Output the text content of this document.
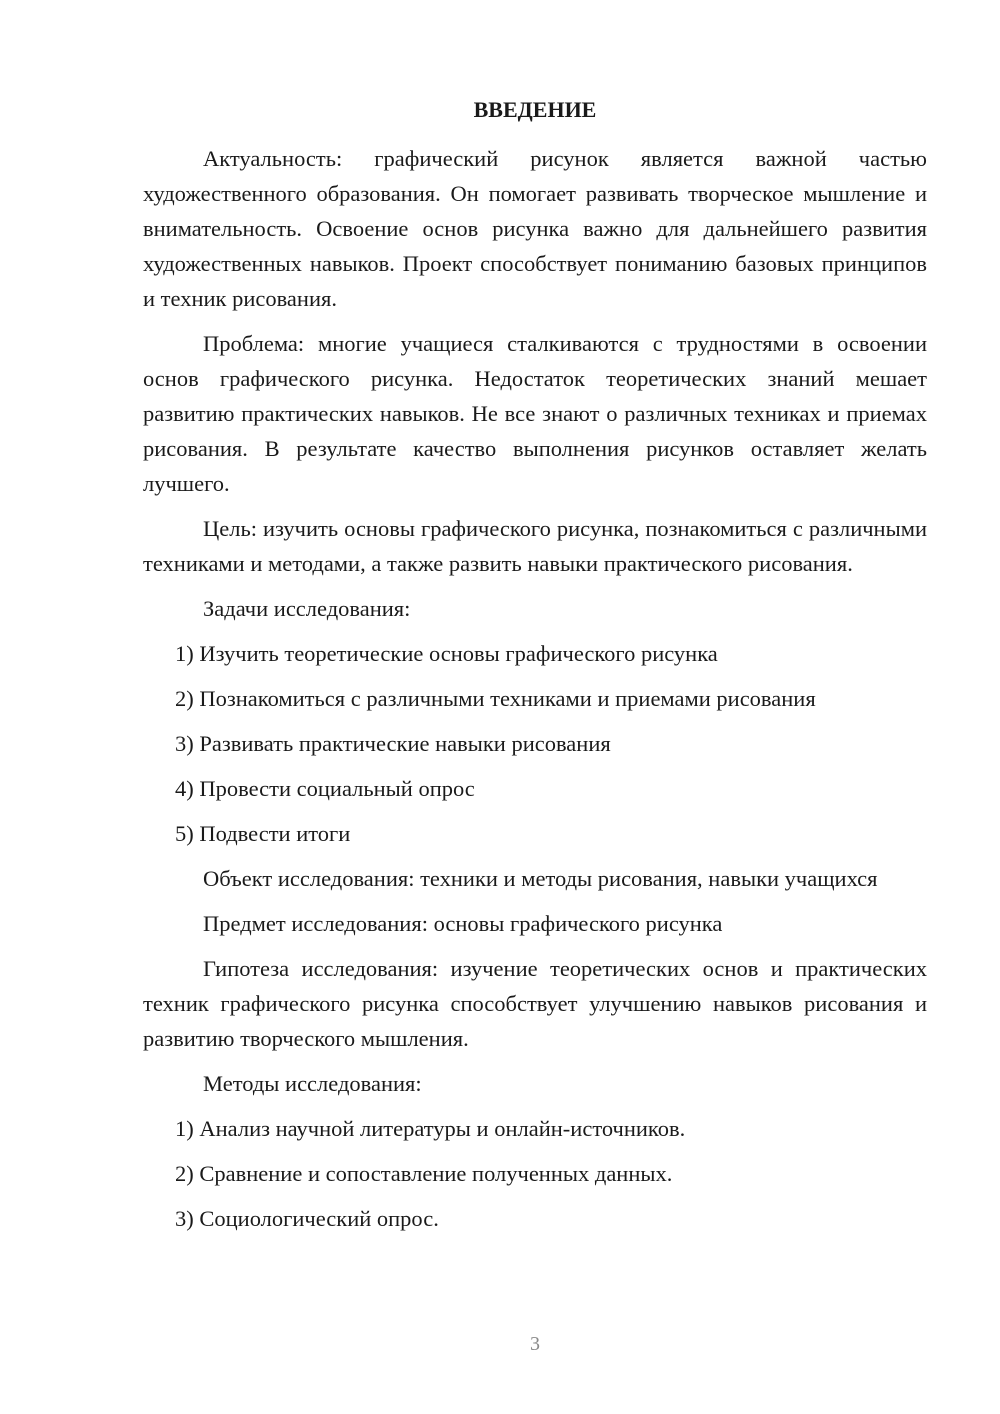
ВВЕДЕНИЕ

Актуальность: графический рисунок является важной частью художественного образования. Он помогает развивать творческое мышление и внимательность. Освоение основ рисунка важно для дальнейшего развития художественных навыков. Проект способствует пониманию базовых принципов и техник рисования.

Проблема: многие учащиеся сталкиваются с трудностями в освоении основ графического рисунка. Недостаток теоретических знаний мешает развитию практических навыков. Не все знают о различных техниках и приемах рисования. В результате качество выполнения рисунков оставляет желать лучшего.

Цель: изучить основы графического рисунка, познакомиться с различными техниками и методами, а также развить навыки практического рисования.

Задачи исследования:

1) Изучить теоретические основы графического рисунка

2) Познакомиться с различными техниками и приемами рисования

3) Развивать практические навыки рисования

4) Провести социальный опрос

5) Подвести итоги

Объект исследования: техники и методы рисования, навыки учащихся

Предмет исследования: основы графического рисунка

Гипотеза исследования: изучение теоретических основ и практических техник графического рисунка способствует улучшению навыков рисования и развитию творческого мышления.

Методы исследования:

1) Анализ научной литературы и онлайн-источников.

2) Сравнение и сопоставление полученных данных.

3) Социологический опрос.

3
